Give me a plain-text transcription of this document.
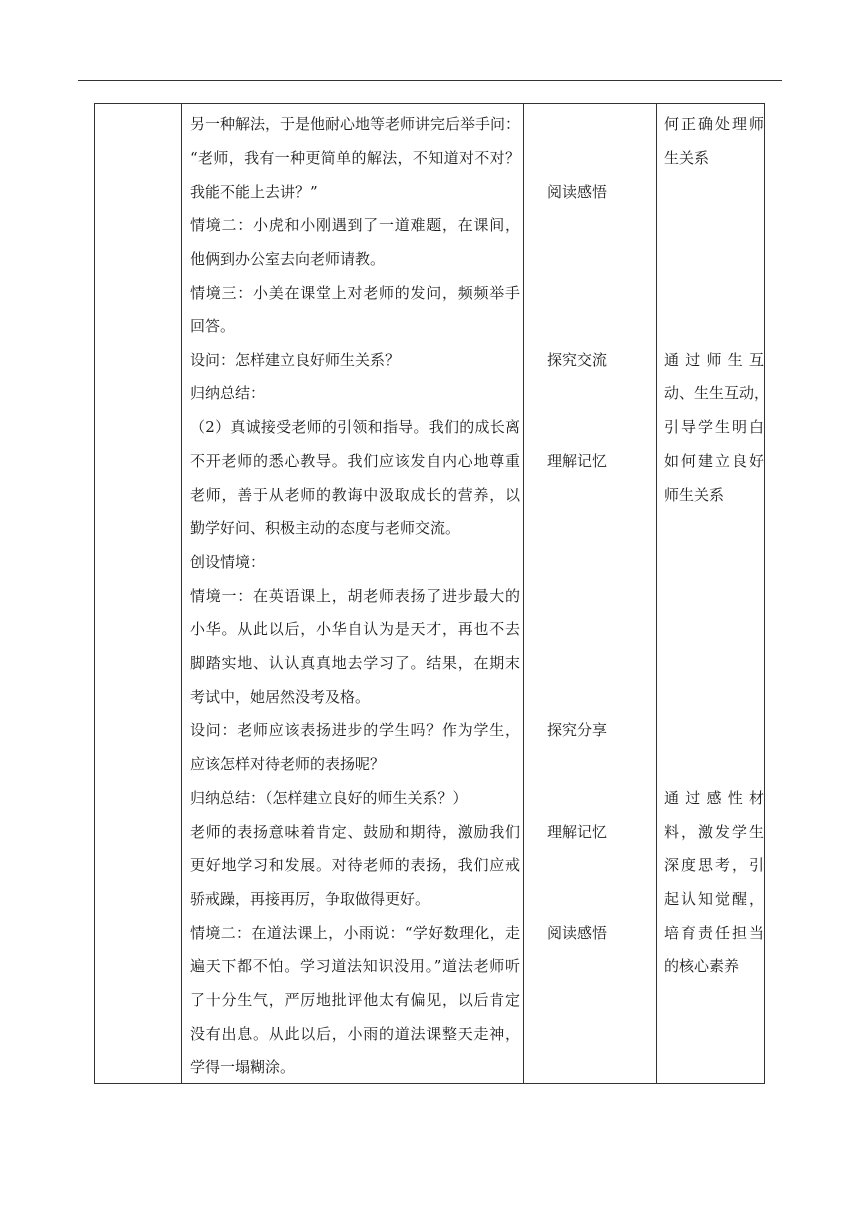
另一种解法，于是他耐心地等老师讲完后举手问：
“老师，我有一种更简单的解法，不知道对不对？
我能不能上去讲？”
情境二：小虎和小刚遇到了一道难题，在课间，
他俩到办公室去向老师请教。
情境三：小美在课堂上对老师的发问，频频举手
回答。
设问：怎样建立良好师生关系？
归纳总结：
（2）真诚接受老师的引领和指导。我们的成长离
不开老师的悉心教导。我们应该发自内心地尊重
老师，善于从老师的教诲中汲取成长的营养，以
勤学好问、积极主动的态度与老师交流。
创设情境：
情境一：在英语课上，胡老师表扬了进步最大的
小华。从此以后，小华自认为是天才，再也不去
脚踏实地、认认真真地去学习了。结果，在期末
考试中，她居然没考及格。
设问：老师应该表扬进步的学生吗？作为学生，
应该怎样对待老师的表扬呢？
归纳总结：（怎样建立良好的师生关系？）
老师的表扬意味着肯定、鼓励和期待，激励我们
更好地学习和发展。对待老师的表扬，我们应戒
骄戒躁，再接再厉，争取做得更好。
情境二：在道法课上，小雨说：“学好数理化，走
遍天下都不怕。学习道法知识没用。”道法老师听
了十分生气，严厉地批评他太有偏见，以后肯定
没有出息。从此以后，小雨的道法课整天走神，
学得一塌糊涂。
阅读感悟
探究交流
理解记忆
探究分享
理解记忆
阅读感悟
何正确处理师
生关系
通过师生互
动、生生互动，
引导学生明白
如何建立良好
师生关系
通过感性材
料，激发学生
深度思考，引
起认知觉醒，
培育责任担当
的核心素养
